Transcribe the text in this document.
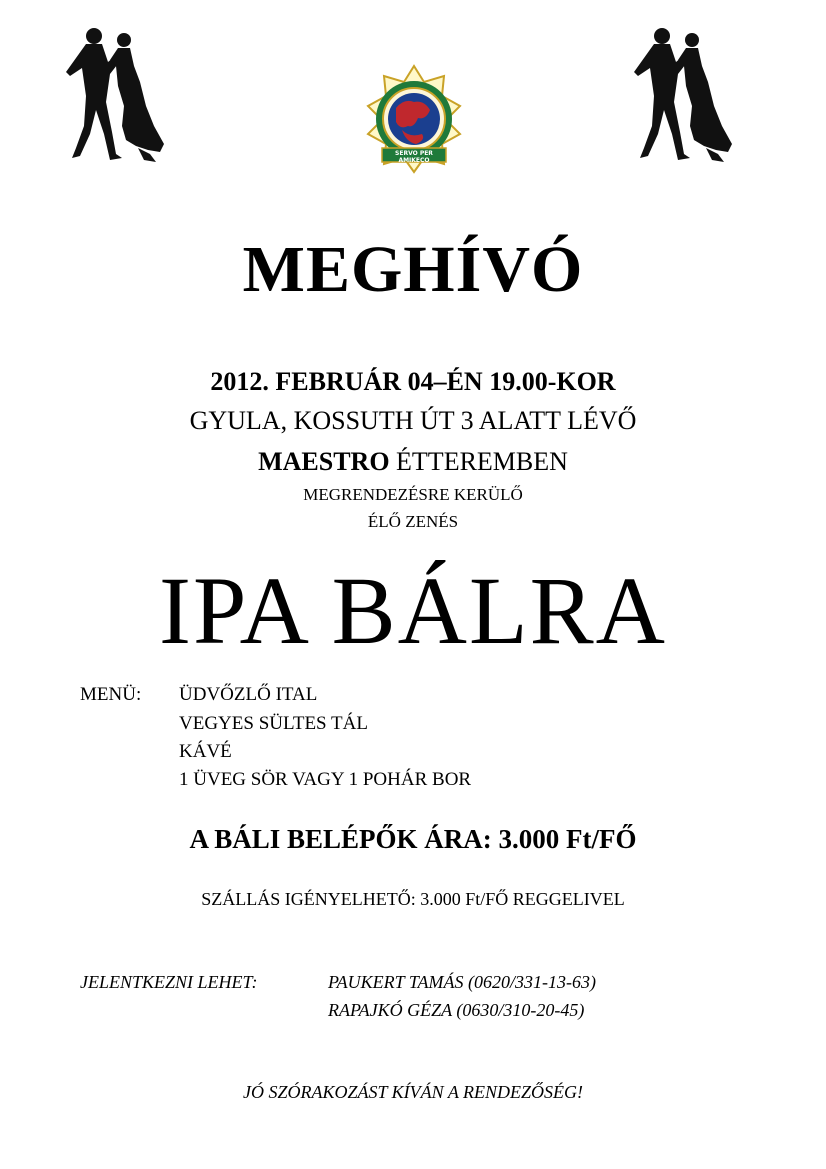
SERVO PER AMIKECO
MEGHÍVÓ
2012. FEBRUÁR 04–ÉN 19.00-KOR
GYULA, KOSSUTH ÚT 3 ALATT LÉVŐ
MAESTRO ÉTTEREMBEN
MEGRENDEZÉSRE KERÜLŐ
ÉLŐ ZENÉS
IPA BÁLRA
MENÜ: ÜDVŐZLŐ ITAL
VEGYES SÜLTES TÁL
KÁVÉ
1 ÜVEG SÖR VAGY 1 POHÁR BOR
A BÁLI BELÉPŐK ÁRA: 3.000 Ft/FŐ
SZÁLLÁS IGÉNYELHETŐ: 3.000 Ft/FŐ REGGELIVEL
JELENTKEZNI LEHET:	PAUKERT TAMÁS (0620/331-13-63)
RAPAJKÓ GÉZA (0630/310-20-45)
JÓ SZÓRAKOZÁST KÍVÁN A RENDEZŐSÉG!
